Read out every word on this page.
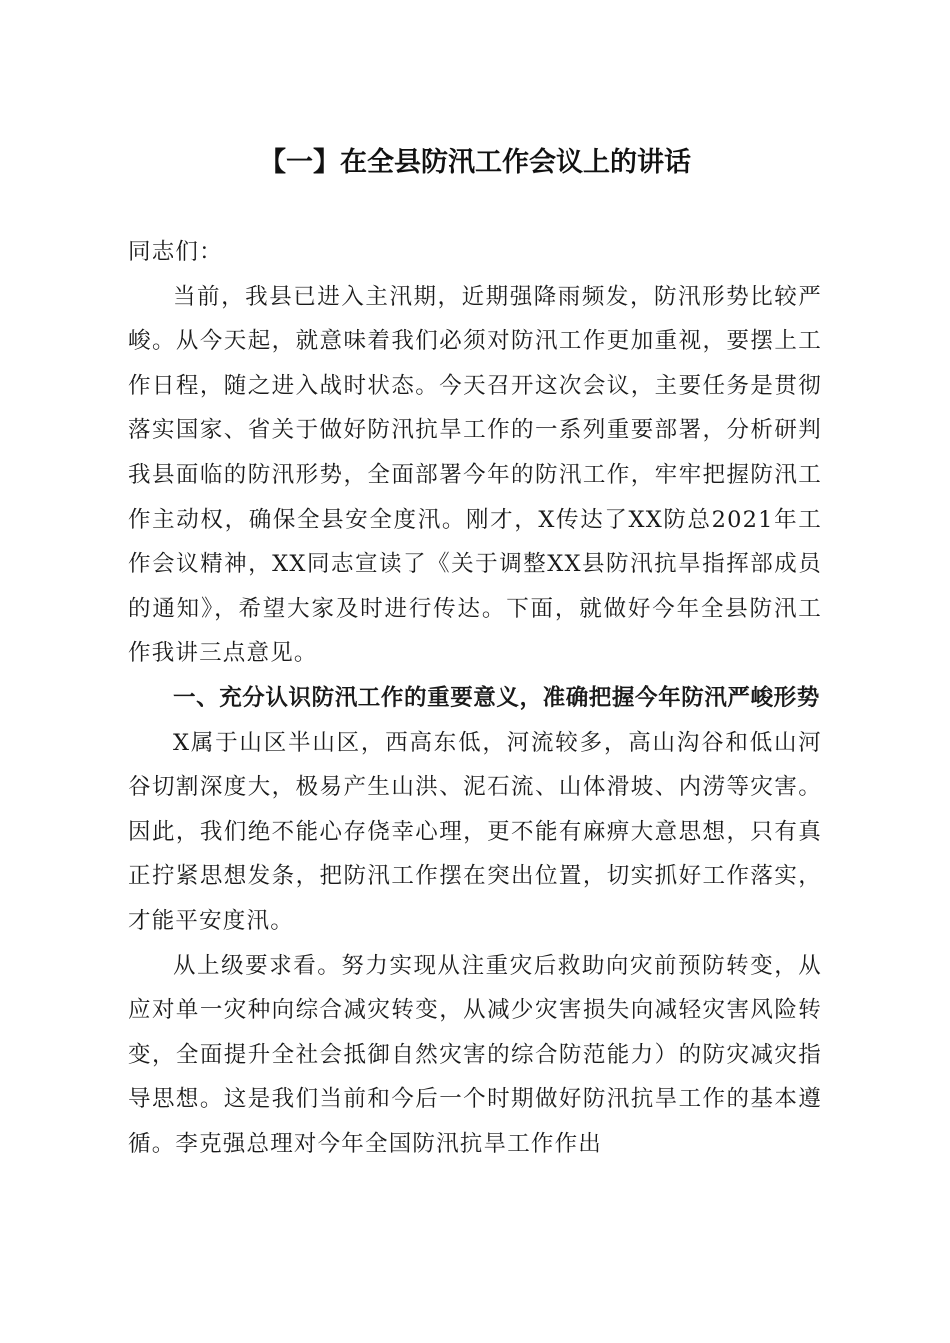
【一】在全县防汛工作会议上的讲话

同志们：

当前，我县已进入主汛期，近期强降雨频发，防汛形势比较严峻。从今天起，就意味着我们必须对防汛工作更加重视，要摆上工作日程，随之进入战时状态。今天召开这次会议，主要任务是贯彻落实国家、省关于做好防汛抗旱工作的一系列重要部署，分析研判我县面临的防汛形势，全面部署今年的防汛工作，牢牢把握防汛工作主动权，确保全县安全度汛。刚才，X传达了XX防总2021年工作会议精神，XX同志宣读了《关于调整XX县防汛抗旱指挥部成员的通知》，希望大家及时进行传达。下面，就做好今年全县防汛工作我讲三点意见。

一、充分认识防汛工作的重要意义，准确把握今年防汛严峻形势

X属于山区半山区，西高东低，河流较多，高山沟谷和低山河谷切割深度大，极易产生山洪、泥石流、山体滑坡、内涝等灾害。因此，我们绝不能心存侥幸心理，更不能有麻痹大意思想，只有真正拧紧思想发条，把防汛工作摆在突出位置，切实抓好工作落实，才能平安度汛。

从上级要求看。努力实现从注重灾后救助向灾前预防转变，从应对单一灾种向综合减灾转变，从减少灾害损失向减轻灾害风险转变，全面提升全社会抵御自然灾害的综合防范能力）的防灾减灾指导思想。这是我们当前和今后一个时期做好防汛抗旱工作的基本遵循。李克强总理对今年全国防汛抗旱工作作出
